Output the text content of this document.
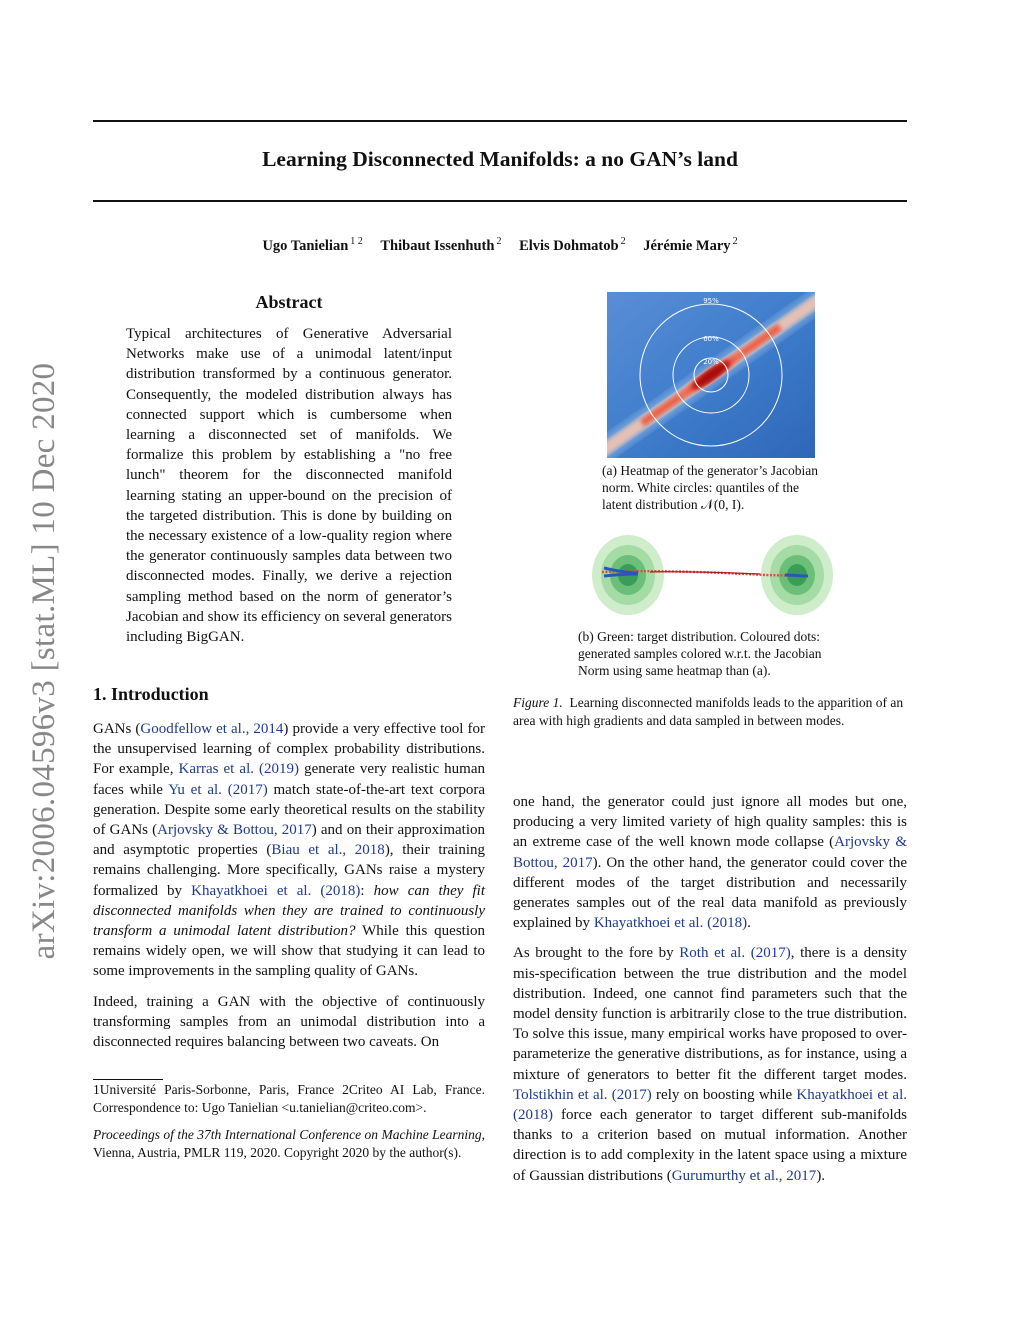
Learning Disconnected Manifolds: a no GAN’s land
Ugo Tanielian $^{1 2}$ Thibaut Issenhuth $^2$ Elvis Dohmatob $^2$ Jérémie Mary $^2$
arXiv:2006.04596v3 [stat.ML] 10 Dec 2020
Abstract

Typical architectures of Generative Adversarial Networks make use of a unimodal latent/input distribution transformed by a continuous generator. Consequently, the modeled distribution always has connected support which is cumbersome when learning a disconnected set of manifolds. We formalize this problem by establishing a "no free lunch" theorem for the disconnected manifold learning stating an upper-bound on the precision of the targeted distribution. This is done by building on the necessary existence of a low-quality region where the generator continuously samples data between two disconnected modes. Finally, we derive a rejection sampling method based on the norm of generator’s Jacobian and show its efficiency on several generators including BigGAN.

1. Introduction

GANs (Goodfellow et al., 2014) provide a very effective tool for the unsupervised learning of complex probability distributions. For example, Karras et al. (2019) generate very realistic human faces while Yu et al. (2017) match state-of-the-art text corpora generation. Despite some early theoretical results on the stability of GANs (Arjovsky & Bottou, 2017) and on their approximation and asymptotic properties (Biau et al., 2018), their training remains challenging. More specifically, GANs raise a mystery formalized by Khayatkhoei et al. (2018): how can they fit disconnected manifolds when they are trained to continuously transform a unimodal latent distribution? While this question remains widely open, we will show that studying it can lead to some improvements in the sampling quality of GANs.

Indeed, training a GAN with the objective of continuously transforming samples from an unimodal distribution into a disconnected requires balancing between two caveats. On

1Université Paris-Sorbonne, Paris, France 2Criteo AI Lab, France. Correspondence to: Ugo Tanielian <u.tanielian@criteo.com>.

Proceedings of the 37th International Conference on Machine Learning, Vienna, Austria, PMLR 119, 2020. Copyright 2020 by the author(s).

one hand, the generator could just ignore all modes but one, producing a very limited variety of high quality samples: this is an extreme case of the well known mode collapse (Arjovsky & Bottou, 2017). On the other hand, the generator could cover the different modes of the target distribution and necessarily generates samples out of the real data manifold as previously explained by Khayatkhoei et al. (2018).

As brought to the fore by Roth et al. (2017), there is a density mis-specification between the true distribution and the model distribution. Indeed, one cannot find parameters such that the model density function is arbitrarily close to the true distribution. To solve this issue, many empirical works have proposed to over-parameterize the generative distributions, as for instance, using a mixture of generators to better fit the different target modes. Tolstikhin et al. (2017) rely on boosting while Khayatkhoei et al. (2018) force each generator to target different sub-manifolds thanks to a criterion based on mutual information. Another direction is to add complexity in the latent space using a mixture of Gaussian distributions (Gurumurthy et al., 2017).

95%
60%
20%
(a) Heatmap of the generator’s Jacobian norm. White circles: quantiles of the latent distribution 𝒩(0, I).
(b) Green: target distribution. Coloured dots: generated samples colored w.r.t. the Jacobian Norm using same heatmap than (a).
Figure 1. Learning disconnected manifolds leads to the apparition of an area with high gradients and data sampled in between modes.
